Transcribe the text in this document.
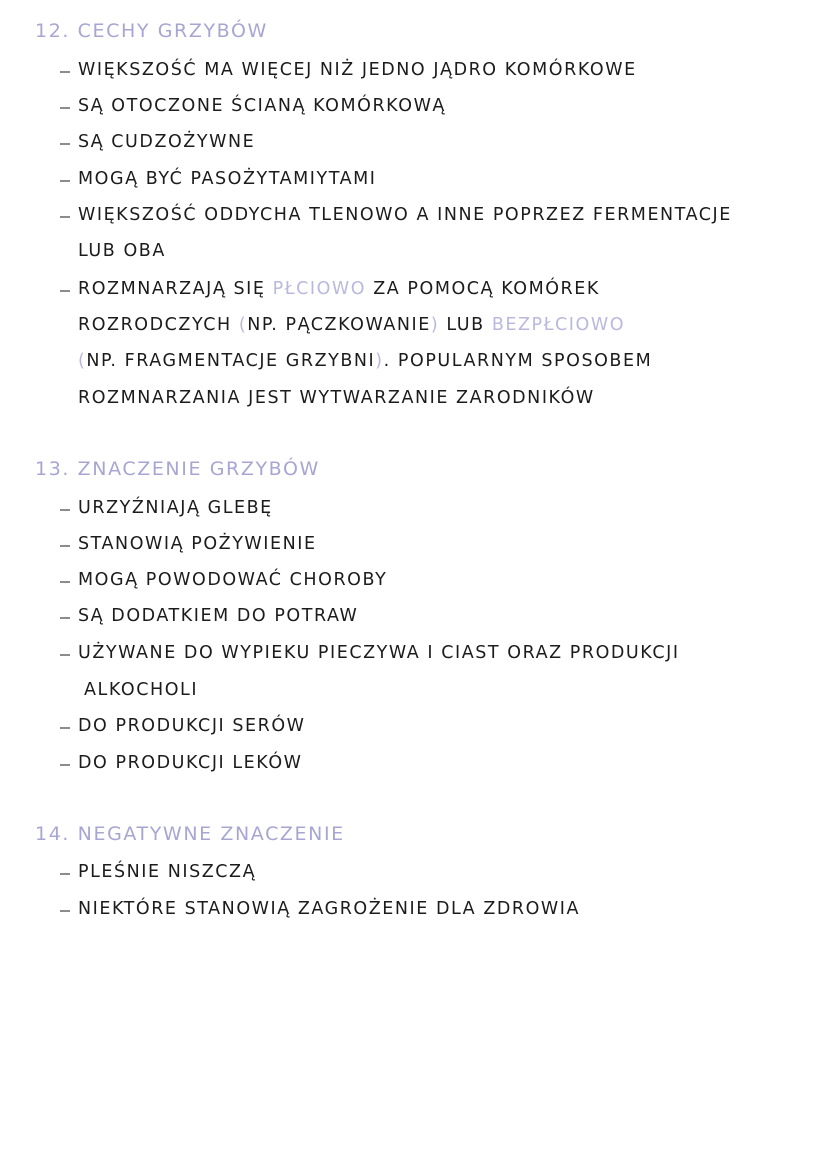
12. CECHY GRZYBÓW
WIĘKSZOŚĆ MA WIĘCEJ NIŻ JEDNO JĄDRO KOMÓRKOWE
SĄ OTOCZONE ŚCIANĄ KOMÓRKOWĄ
SĄ CUDZOŻYWNE
MOGĄ BYĆ PASOŻYTAMIYTAMI
WIĘKSZOŚĆ ODDYCHA TLENOWO A INNE POPRZEZ FERMENTACJE
LUB OBA
ROZMNARZAJĄ SIĘ PŁCIOWO ZA POMOCĄ KOMÓREK
ROZRODCZYCH (NP. PĄCZKOWANIE) LUB BEZPŁCIOWO
(NP. FRAGMENTACJE GRZYBNI). POPULARNYM SPOSOBEM
ROZMNARZANIA JEST WYTWARZANIE ZARODNIKÓW
13. ZNACZENIE GRZYBÓW
URZYŹNIAJĄ GLEBĘ
STANOWIĄ POŻYWIENIE
MOGĄ POWODOWAĆ CHOROBY
SĄ DODATKIEM DO POTRAW
UŻYWANE DO WYPIEKU PIECZYWA I CIAST ORAZ PRODUKCJI
ALKOCHOLI
DO PRODUKCJI SERÓW
DO PRODUKCJI LEKÓW
14. NEGATYWNE ZNACZENIE
PLEŚNIE NISZCZĄ
NIEKTÓRE STANOWIĄ ZAGROŻENIE DLA ZDROWIA
